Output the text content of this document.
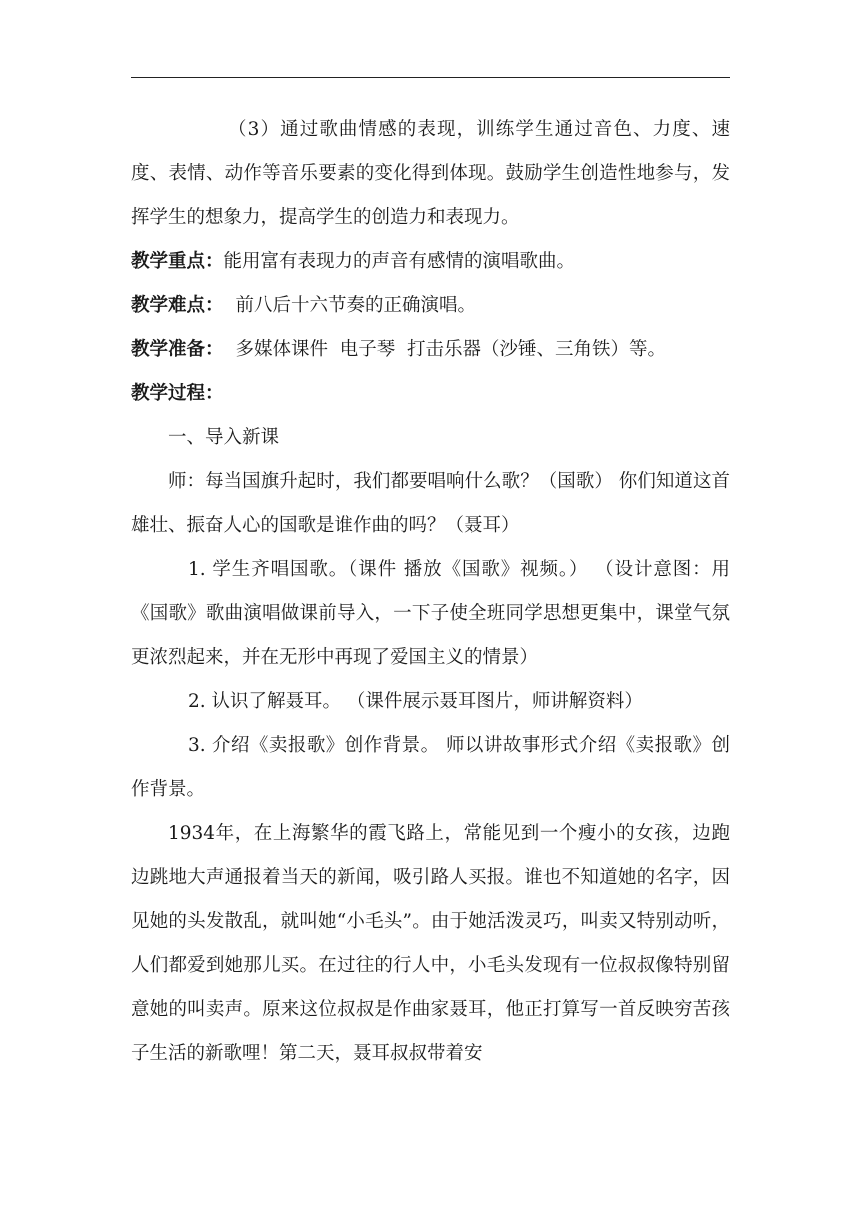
（3）通过歌曲情感的表现，训练学生通过音色、力度、速度、表情、动作等音乐要素的变化得到体现。鼓励学生创造性地参与，发挥学生的想象力，提高学生的创造力和表现力。

教学重点：能用富有表现力的声音有感情的演唱歌曲。

教学难点： 前八后十六节奏的正确演唱。

教学准备： 多媒体课件  电子琴  打击乐器（沙锤、三角铁）等。

教学过程：

一、导入新课

师：每当国旗升起时，我们都要唱响什么歌？（国歌） 你们知道这首雄壮、振奋人心的国歌是谁作曲的吗？（聂耳）

1. 学生齐唱国歌。（课件 播放《国歌》视频。） （设计意图：用《国歌》歌曲演唱做课前导入，一下子使全班同学思想更集中，课堂气氛更浓烈起来，并在无形中再现了爱国主义的情景）

2. 认识了解聂耳。 （课件展示聂耳图片，师讲解资料）

3. 介绍《卖报歌》创作背景。 师以讲故事形式介绍《卖报歌》创作背景。

1934年，在上海繁华的霞飞路上，常能见到一个瘦小的女孩，边跑边跳地大声通报着当天的新闻，吸引路人买报。谁也不知道她的名字，因见她的头发散乱，就叫她“小毛头”。由于她活泼灵巧，叫卖又特别动听，人们都爱到她那儿买。在过往的行人中，小毛头发现有一位叔叔像特别留意她的叫卖声。原来这位叔叔是作曲家聂耳，他正打算写一首反映穷苦孩子生活的新歌哩！第二天，聂耳叔叔带着安
